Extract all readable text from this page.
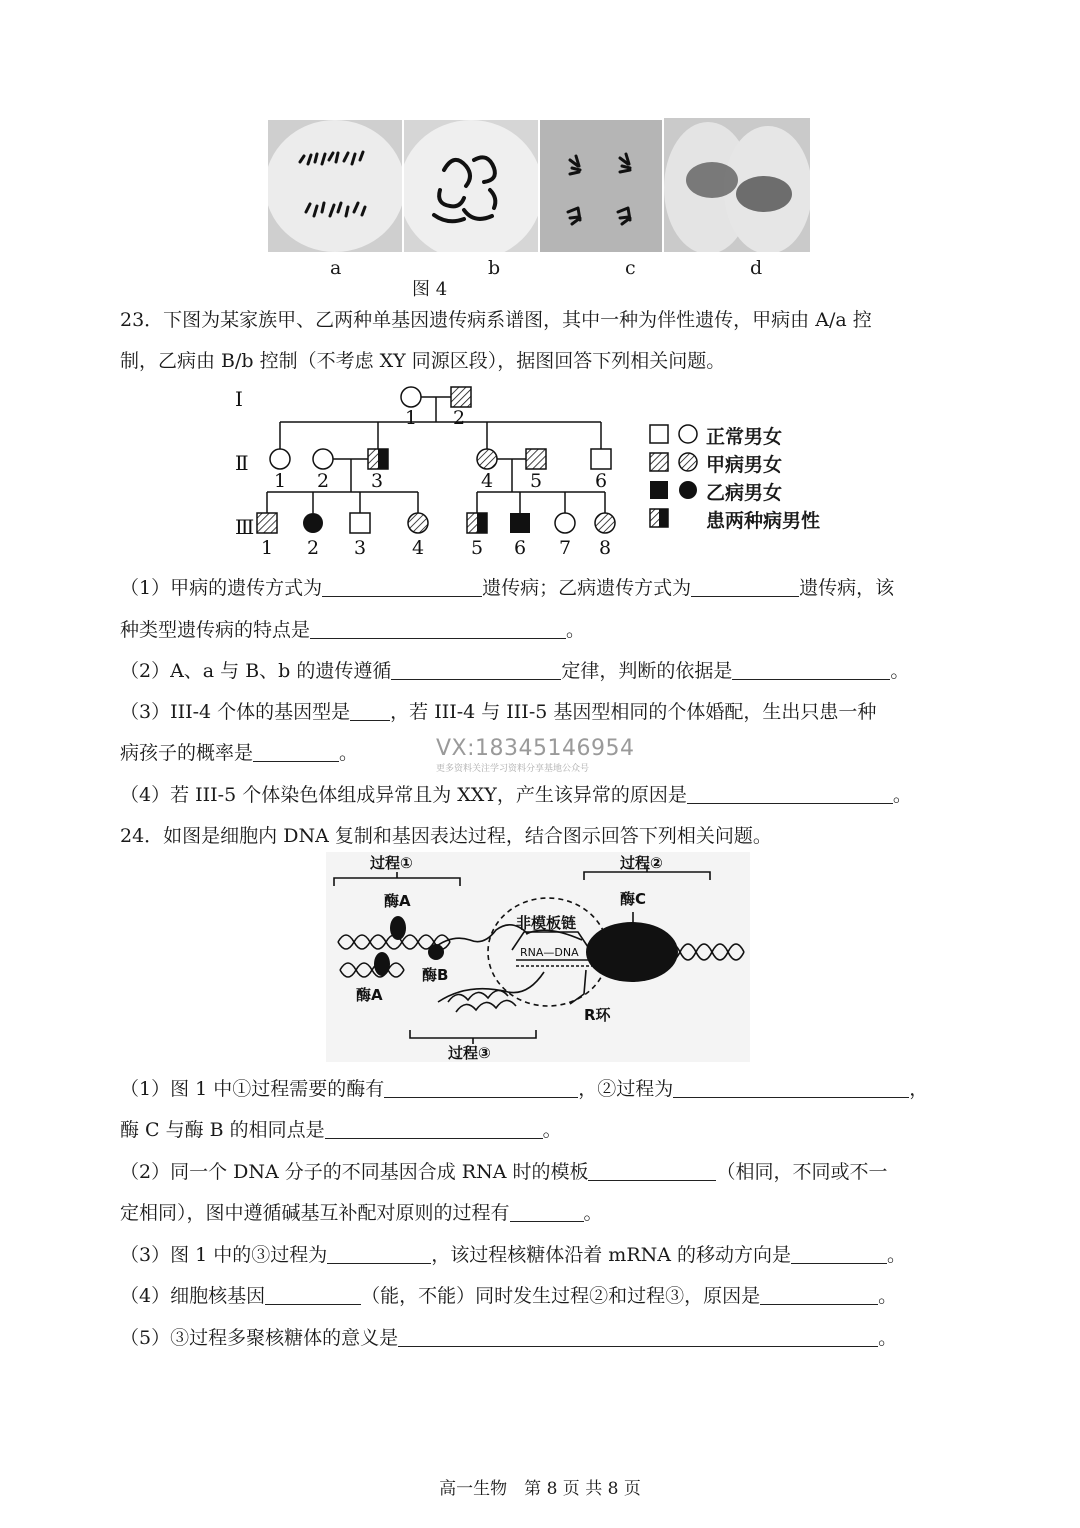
a	b	c	d
图 4
23．下图为某家族甲、乙两种单基因遗传病系谱图，其中一种为伴性遗传，甲病由 A/a 控
制，乙病由 B/b 控制（不考虑 XY 同源区段），据图回答下列相关问题。
Ⅰ
Ⅱ
Ⅲ
1 2
1 2 3	4 5	6
1 2 3 4 5 6 7 8
正常男女
甲病男女
乙病男女
患两种病男性
（1）甲病的遗传方式为	遗传病；乙病遗传方式为	遗传病，该
种类型遗传病的特点是	。
（2）A、a 与 B、b 的遗传遵循	定律，判断的依据是	。
（3）III-4 个体的基因型是 ，若 III-4 与 III-5 基因型相同的个体婚配，生出只患一种
病孩子的概率是	。	VX:18345146954
更多资料关注学习资料分享基地公众号
（4）若 III-5 个体染色体组成异常且为 XXY，产生该异常的原因是	。
24．如图是细胞内 DNA 复制和基因表达过程，结合图示回答下列相关问题。
过程①	过程②
过程③
酶A
酶A
酶B
酶C
非模板链
R环
RNA—DNA
（1）图 1 中①过程需要的酶有	，②过程为	，
酶 C 与酶 B 的相同点是	。
（2）同一个 DNA 分子的不同基因合成 RNA 时的模板	（相同，不同或不一
定相同），图中遵循碱基互补配对原则的过程有	。
（3）图 1 中的③过程为	，该过程核糖体沿着 mRNA 的移动方向是	。
（4）细胞核基因	（能，不能）同时发生过程②和过程③，原因是	。
（5）③过程多聚核糖体的意义是	。
高一生物　第 8 页 共 8 页
